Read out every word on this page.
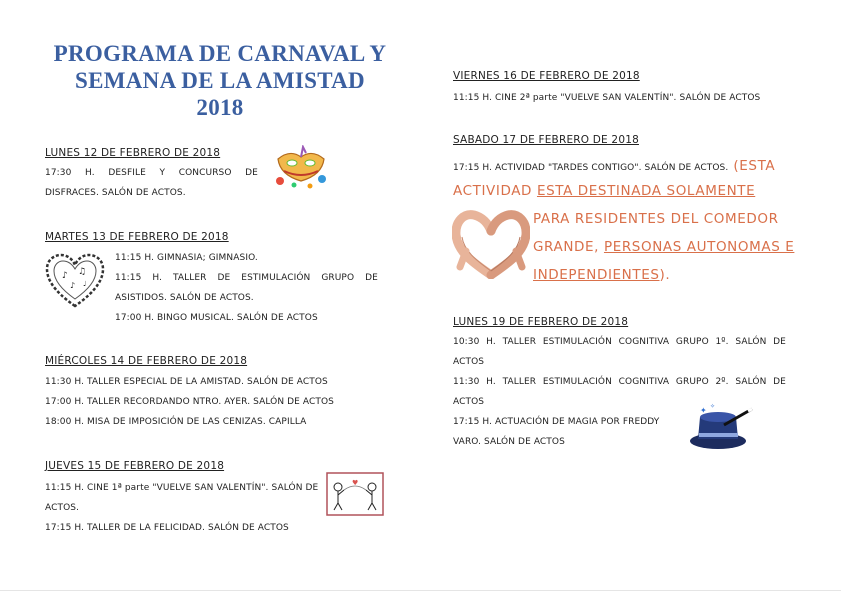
PROGRAMA DE CARNAVAL Y
SEMANA DE LA AMISTAD
2018
LUNES 12 DE FEBRERO DE 2018
17:30 H. DESFILE Y CONCURSO DE
DISFRACES. SALÓN DE ACTOS.
MARTES 13 DE FEBRERO DE 2018
11:15 H. GIMNASIA; GIMNASIO.
11:15 H. TALLER DE ESTIMULACIÓN GRUPO DE
ASISTIDOS. SALÓN DE ACTOS.
17:00 H. BINGO MUSICAL. SALÓN DE ACTOS
♪ ♫
♪ ♩
MIÉRCOLES 14 DE FEBRERO DE 2018
11:30 H. TALLER ESPECIAL DE LA AMISTAD. SALÓN DE ACTOS
17:00 H. TALLER RECORDANDO NTRO. AYER. SALÓN DE ACTOS
18:00 H. MISA DE IMPOSICIÓN DE LAS CENIZAS. CAPILLA
JUEVES 15 DE FEBRERO DE 2018
11:15 H. CINE 1ª parte "VUELVE SAN VALENTÍN". SALÓN DE
ACTOS.
17:15 H. TALLER DE LA FELICIDAD. SALÓN DE ACTOS
♥
VIERNES 16 DE FEBRERO DE 2018
11:15 H. CINE 2ª parte "VUELVE SAN VALENTÍN". SALÓN DE ACTOS
SABADO 17 DE FEBRERO DE 2018
17:15 H. ACTIVIDAD "TARDES CONTIGO". SALÓN DE ACTOS. (ESTA
ACTIVIDAD ESTA DESTINADA SOLAMENTE
PARA RESIDENTES DEL COMEDOR
GRANDE, PERSONAS AUTONOMAS E
INDEPENDIENTES).
LUNES 19 DE FEBRERO DE 2018
10:30 H. TALLER ESTIMULACIÓN COGNITIVA GRUPO 1º. SALÓN DE
ACTOS
11:30 H. TALLER ESTIMULACIÓN COGNITIVA GRUPO 2º. SALÓN DE
ACTOS
17:15 H. ACTUACIÓN DE MAGIA POR FREDDY
VARO. SALÓN DE ACTOS
✦ ✧
